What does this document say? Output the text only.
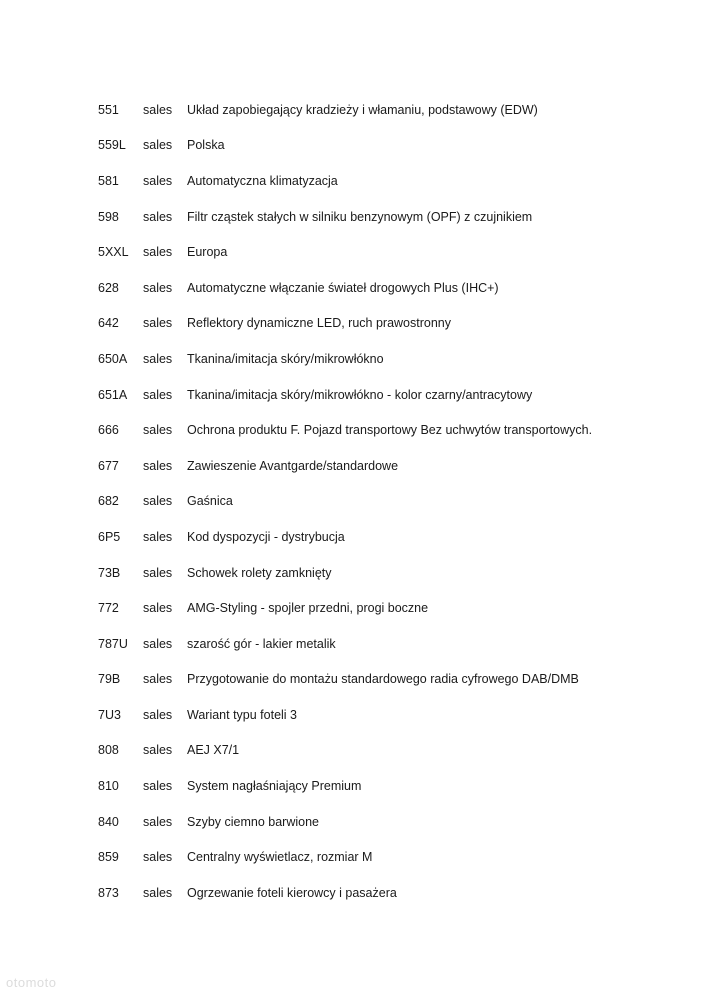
551	sales	Układ zapobiegający kradzieży i włamaniu, podstawowy (EDW)
559L	sales	Polska
581	sales	Automatyczna klimatyzacja
598	sales	Filtr cząstek stałych w silniku benzynowym (OPF) z czujnikiem
5XXL	sales	Europa
628	sales	Automatyczne włączanie świateł drogowych Plus (IHC+)
642	sales	Reflektory dynamiczne LED, ruch prawostronny
650A	sales	Tkanina/imitacja skóry/mikrowłókno
651A	sales	Tkanina/imitacja skóry/mikrowłókno - kolor czarny/antracytowy
666	sales	Ochrona produktu F. Pojazd transportowy Bez uchwytów transportowych.
677	sales	Zawieszenie Avantgarde/standardowe
682	sales	Gaśnica
6P5	sales	Kod dyspozycji - dystrybucja
73B	sales	Schowek rolety zamknięty
772	sales	AMG-Styling - spojler przedni, progi boczne
787U	sales	szarość gór - lakier metalik
79B	sales	Przygotowanie do montażu standardowego radia cyfrowego DAB/DMB
7U3	sales	Wariant typu foteli 3
808	sales	AEJ X7/1
810	sales	System nagłaśniający Premium
840	sales	Szyby ciemno barwione
859	sales	Centralny wyświetlacz, rozmiar M
873	sales	Ogrzewanie foteli kierowcy i pasażera
otomoto
